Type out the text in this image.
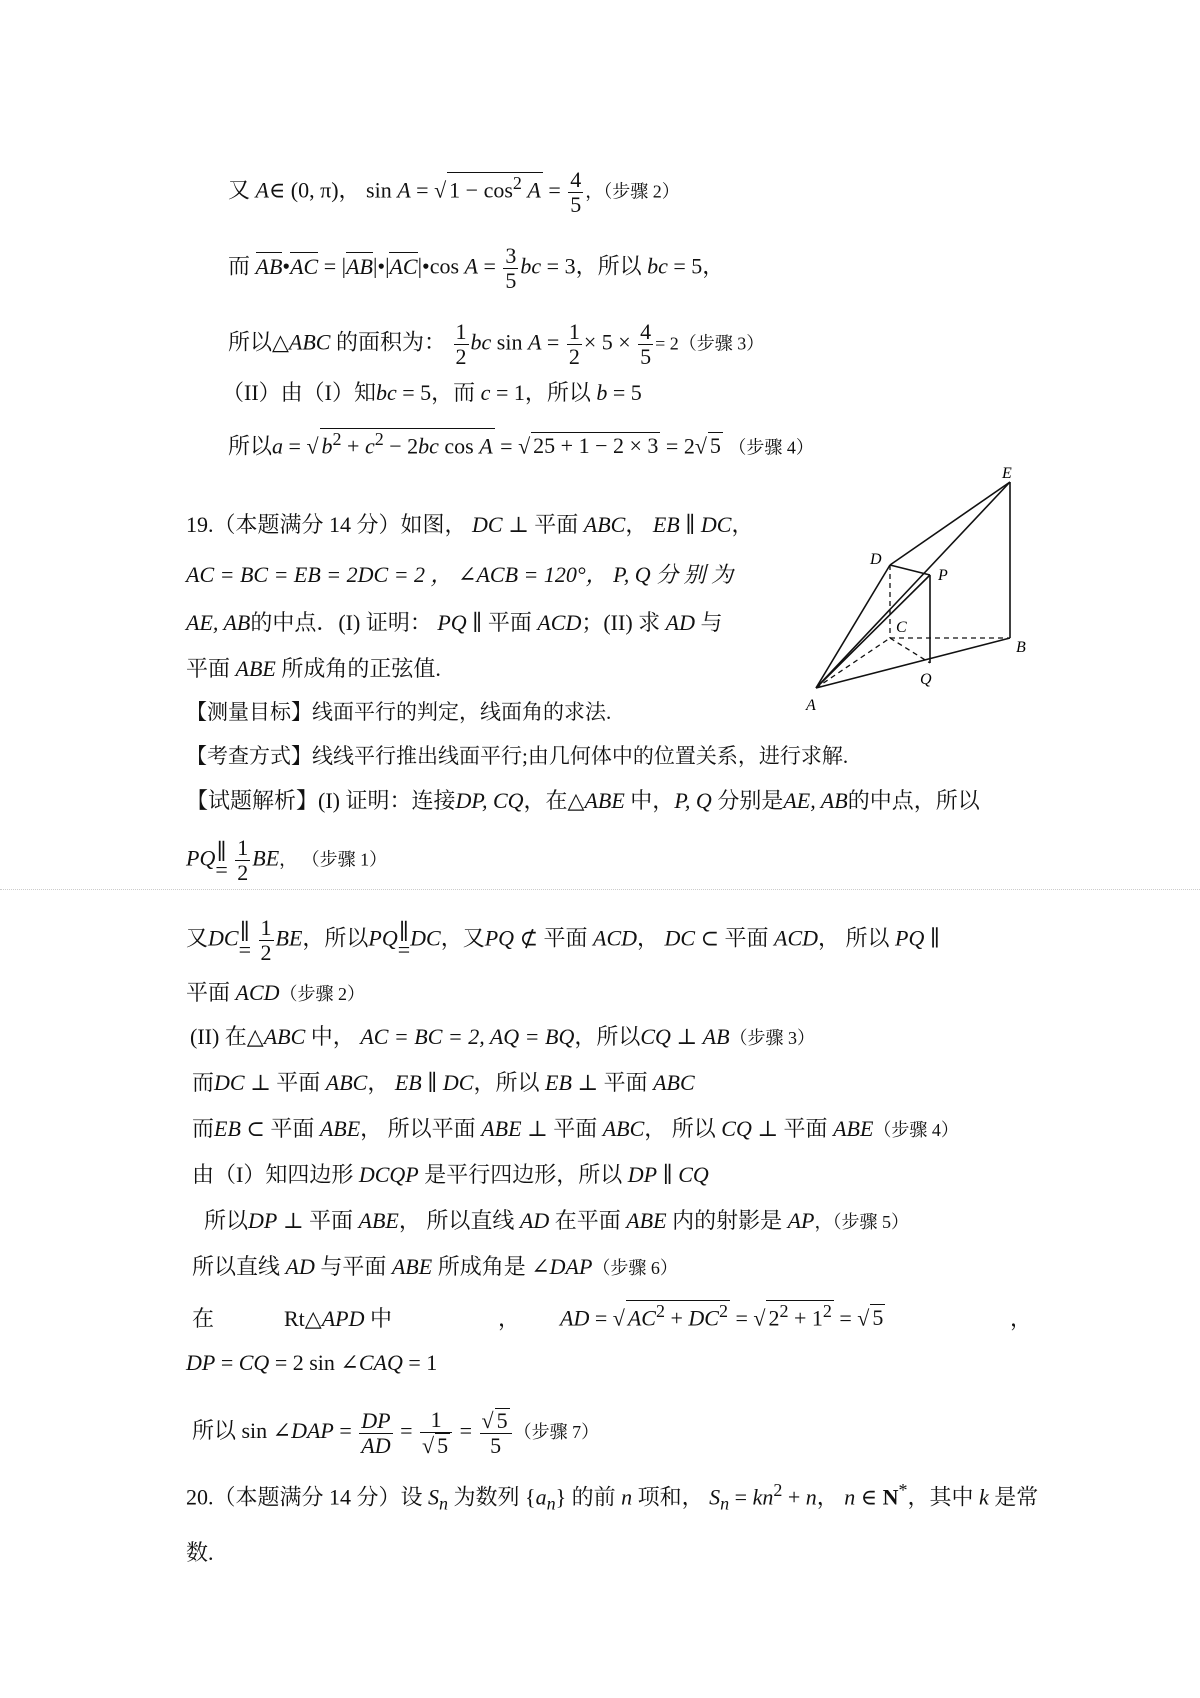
又 A∈ (0, π)， sin A = √ $1 - \cos^2 A = \frac{4}{5}$ ，（步骤 2）
而 AB•AC = |AB|•|AC|•cos $A = \frac{3}{5}$ bc = 3，所以 bc = 5，
所以△ABC 的面积为： $\frac{1}{2}$ bc $\sin A = \frac{1}{2} \times 5 \times \frac{4}{5} = 2$（步骤 3）
（II）由（I）知bc = 5，而 c = 1，所以 b = 5
所以a = √ $b^2 + c^2 - 2bc$ cos A = √ 25 + 1 − 2 × 3 = 2√ 5 （步骤 4）
19.（本题满分 14 分）如图， DC ⊥ 平面 ABC， EB ∥ DC，
AC = BC = EB = 2DC = 2 ， ∠ACB = 120°， P, Q 分 别 为
AE, AB的中点．(I) 证明： PQ ∥ 平面 ACD；(II) 求 AD 与
平面 ABE 所成角的正弦值.
E
D
P
C
B
Q
A
【测量目标】线面平行的判定，线面角的求法.
【考查方式】线线平行推出线面平行;由几何体中的位置关系，进行求解.
【试题解析】(I) 证明：连接DP, CQ，在△ABE 中，P, Q 分别是AE, AB的中点，所以
PQ ∥
=
$\frac{1}{2}$ BE， （步骤 1）
又DC ∥
=
$\frac{1}{2}$ BE，所以PQ ∥
= DC，又PQ ⊄ 平面 ACD， DC ⊂ 平面 ACD， 所以 PQ ∥
平面 ACD（步骤 2）
(II) 在△ABC 中， AC = BC = 2, AQ = BQ，所以CQ ⊥ AB（步骤 3）
而DC ⊥ 平面 ABC， EB ∥ DC，所以 EB ⊥ 平面 ABC
而EB ⊂ 平面 ABE， 所以平面 ABE ⊥ 平面 ABC， 所以 CQ ⊥ 平面 ABE（步骤 4）
由（I）知四边形 DCQP 是平行四边形，所以 DP ∥ CQ
所以DP ⊥ 平面 ABE， 所以直线 AD 在平面 ABE 内的射影是 AP，（步骤 5）
所以直线 AD 与平面 ABE 所成角是 ∠DAP（步骤 6）
在	Rt△APD 中	， AD = √ $AC^2 + DC^2$ = √ $2^2 + 1^2$ = √ 5	，
DP = CQ = 2 sin ∠CAQ = 1
所以 sin ∠DAP = $\frac{DP}{AD} = \frac{1}{√ 5} = \frac{√ 5}{5}$ （步骤 7）
20.（本题满分 14 分）设 $S_n$ 为数列 $\{a_n\}$ 的前 n 项和， $S_n = kn^2 + n$， n ∈ N*，其中 k 是常
数.
